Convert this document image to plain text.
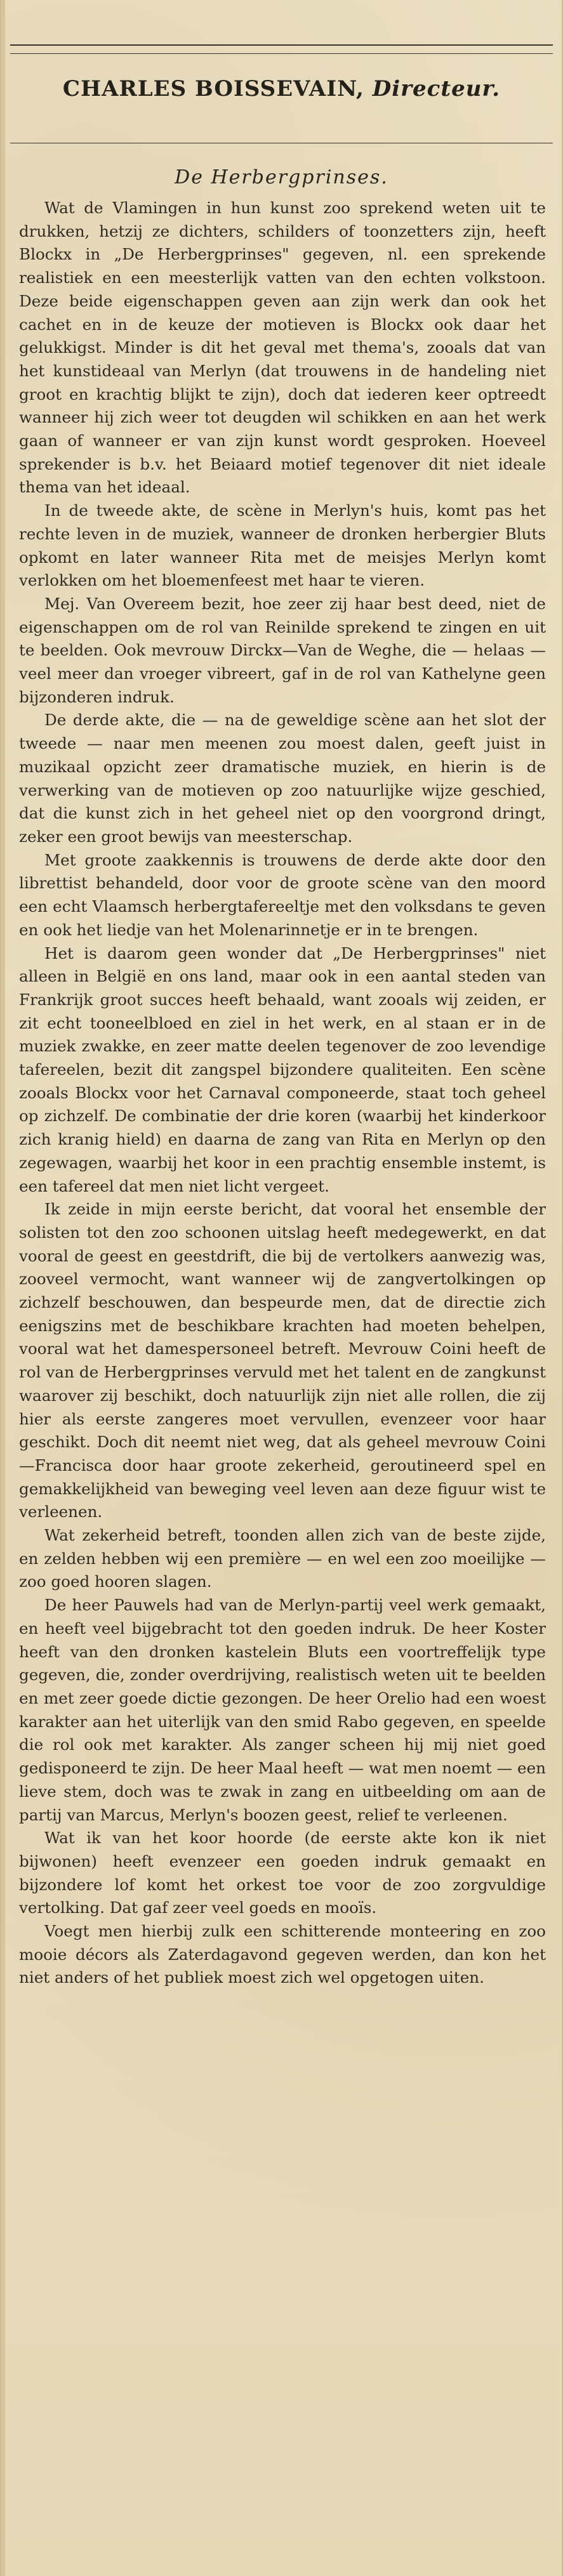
CHARLES BOISSEVAIN, Directeur.
De Herbergprinses.

Wat de Vlamingen in hun kunst zoo sprekend weten uit te drukken, hetzij ze dichters, schilders of toonzetters zijn, heeft Blockx in „De Herbergprinses" gegeven, nl. een sprekende realistiek en een meesterlijk vatten van den echten volkstoon. Deze beide eigenschappen geven aan zijn werk dan ook het cachet en in de keuze der motieven is Blockx ook daar het gelukkigst. Minder is dit het geval met thema's, zooals dat van het kunstideaal van Merlyn (dat trouwens in de handeling niet groot en krachtig blijkt te zijn), doch dat iederen keer optreedt wanneer hij zich weer tot deugden wil schikken en aan het werk gaan of wanneer er van zijn kunst wordt gesproken. Hoeveel sprekender is b.v. het Beiaard motief tegenover dit niet ideale thema van het ideaal.

In de tweede akte, de scène in Merlyn's huis, komt pas het rechte leven in de muziek, wanneer de dronken herbergier Bluts opkomt en later wanneer Rita met de meisjes Merlyn komt verlokken om het bloemenfeest met haar te vieren.

Mej. Van Overeem bezit, hoe zeer zij haar best deed, niet de eigenschappen om de rol van Reinilde sprekend te zingen en uit te beelden. Ook mevrouw Dirckx—Van de Weghe, die — helaas — veel meer dan vroeger vibreert, gaf in de rol van Kathelyne geen bijzonderen indruk.

De derde akte, die — na de geweldige scène aan het slot der tweede — naar men meenen zou moest dalen, geeft juist in muzikaal opzicht zeer dramatische muziek, en hierin is de verwerking van de motieven op zoo natuurlijke wijze geschied, dat die kunst zich in het geheel niet op den voorgrond dringt, zeker een groot bewijs van meesterschap.

Met groote zaakkennis is trouwens de derde akte door den librettist behandeld, door voor de groote scène van den moord een echt Vlaamsch herbergtafereeltje met den volksdans te geven en ook het liedje van het Molenarinnetje er in te brengen.

Het is daarom geen wonder dat „De Herbergprinses" niet alleen in België en ons land, maar ook in een aantal steden van Frankrijk groot succes heeft behaald, want zooals wij zeiden, er zit echt tooneelbloed en ziel in het werk, en al staan er in de muziek zwakke, en zeer matte deelen tegenover de zoo levendige tafereelen, bezit dit zangspel bijzondere qualiteiten. Een scène zooals Blockx voor het Carnaval componeerde, staat toch geheel op zichzelf. De combinatie der drie koren (waarbij het kinderkoor zich kranig hield) en daarna de zang van Rita en Merlyn op den zegewagen, waarbij het koor in een prachtig ensemble instemt, is een tafereel dat men niet licht vergeet.

Ik zeide in mijn eerste bericht, dat vooral het ensemble der solisten tot den zoo schoonen uitslag heeft medegewerkt, en dat vooral de geest en geestdrift, die bij de vertolkers aanwezig was, zooveel vermocht, want wanneer wij de zangvertolkingen op zichzelf beschouwen, dan bespeurde men, dat de directie zich eenigszins met de beschikbare krachten had moeten behelpen, vooral wat het damespersoneel betreft. Mevrouw Coini heeft de rol van de Herbergprinses vervuld met het talent en de zangkunst waarover zij beschikt, doch natuurlijk zijn niet alle rollen, die zij hier als eerste zangeres moet vervullen, evenzeer voor haar geschikt. Doch dit neemt niet weg, dat als geheel mevrouw Coini—Francisca door haar groote zekerheid, geroutineerd spel en gemakkelijkheid van beweging veel leven aan deze figuur wist te verleenen.

Wat zekerheid betreft, toonden allen zich van de beste zijde, en zelden hebben wij een première — en wel een zoo moeilijke — zoo goed hooren slagen.

De heer Pauwels had van de Merlyn-partij veel werk gemaakt, en heeft veel bijgebracht tot den goeden indruk. De heer Koster heeft van den dronken kastelein Bluts een voortreffelijk type gegeven, die, zonder overdrijving, realistisch weten uit te beelden en met zeer goede dictie gezongen. De heer Orelio had een woest karakter aan het uiterlijk van den smid Rabo gegeven, en speelde die rol ook met karakter. Als zanger scheen hij mij niet goed gedisponeerd te zijn. De heer Maal heeft — wat men noemt — een lieve stem, doch was te zwak in zang en uitbeelding om aan de partij van Marcus, Merlyn's boozen geest, relief te verleenen.

Wat ik van het koor hoorde (de eerste akte kon ik niet bijwonen) heeft evenzeer een goeden indruk gemaakt en bijzondere lof komt het orkest toe voor de zoo zorgvuldige vertolking. Dat gaf zeer veel goeds en mooïs.

Voegt men hierbij zulk een schitterende monteering en zoo mooie décors als Zaterdagavond gegeven werden, dan kon het niet anders of het publiek moest zich wel opgetogen uiten.
